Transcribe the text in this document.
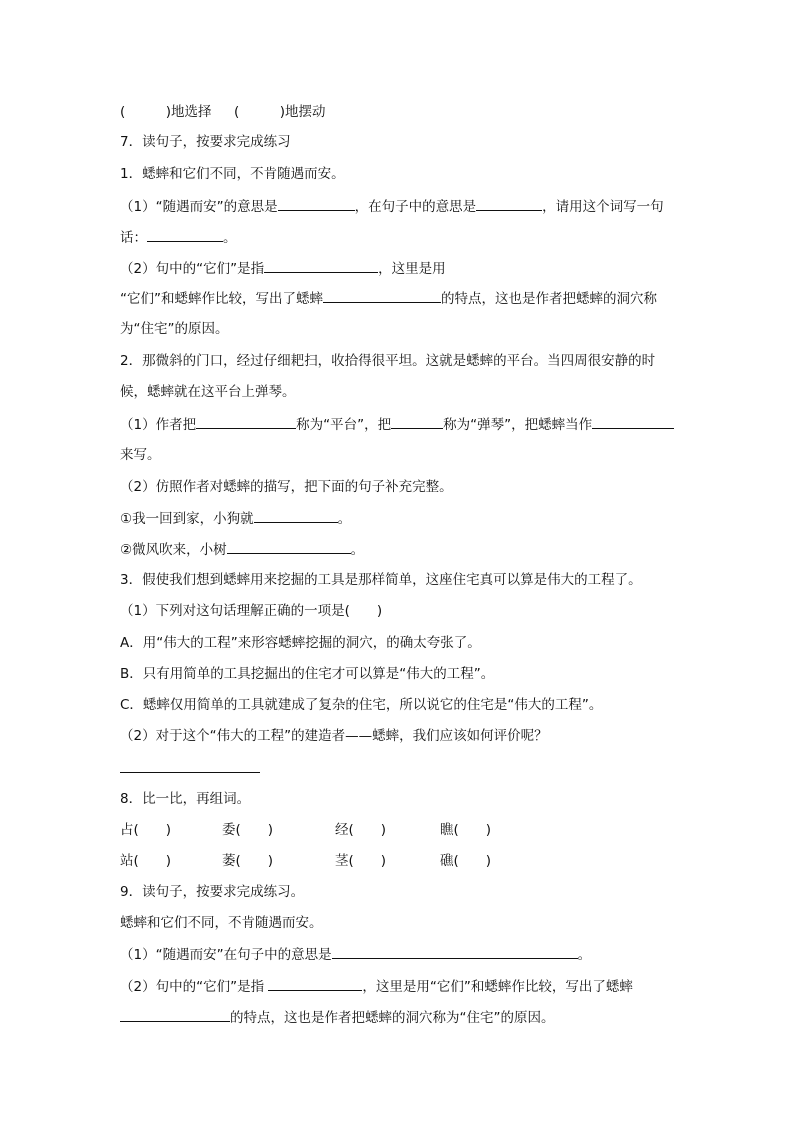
(　　　)地选择 (　　　)地摆动
7．读句子，按要求完成练习
1．蟋蟀和它们不同，不肯随遇而安。
（1）“随遇而安”的意思是	，在句子中的意思是	，请用这个词写一句
话：	。
（2）句中的“它们”是指	，这里是用
“它们”和蟋蟀作比较，写出了蟋蟀	的特点，这也是作者把蟋蟀的洞穴称
为“住宅”的原因。
2．那微斜的门口，经过仔细耙扫，收拾得很平坦。这就是蟋蟀的平台。当四周很安静的时
候，蟋蟀就在这平台上弹琴。
（1）作者把	称为“平台”，把	称为“弹琴”，把蟋蟀当作
来写。
（2）仿照作者对蟋蟀的描写，把下面的句子补充完整。
①我一回到家，小狗就	。
②微风吹来，小树	。
3．假使我们想到蟋蟀用来挖掘的工具是那样简单，这座住宅真可以算是伟大的工程了。
（1）下列对这句话理解正确的一项是(　　)
A．用“伟大的工程”来形容蟋蟀挖掘的洞穴，的确太夸张了。
B．只有用简单的工具挖掘出的住宅才可以算是“伟大的工程”。
C．蟋蟀仅用简单的工具就建成了复杂的住宅，所以说它的住宅是“伟大的工程”。
（2）对于这个“伟大的工程”的建造者——蟋蟀，我们应该如何评价呢？
8．比一比，再组词。
占(　　)	委(　　)	经(　　)	瞧(　　)
站(　　)	萎(　　)	茎(　　)	礁(　　)
9．读句子，按要求完成练习。
蟋蟀和它们不同，不肯随遇而安。
（1）“随遇而安”在句子中的意思是	。
（2）句中的“它们”是指	，这里是用“它们”和蟋蟀作比较，写出了蟋蟀
的特点，这也是作者把蟋蟀的洞穴称为“住宅”的原因。
